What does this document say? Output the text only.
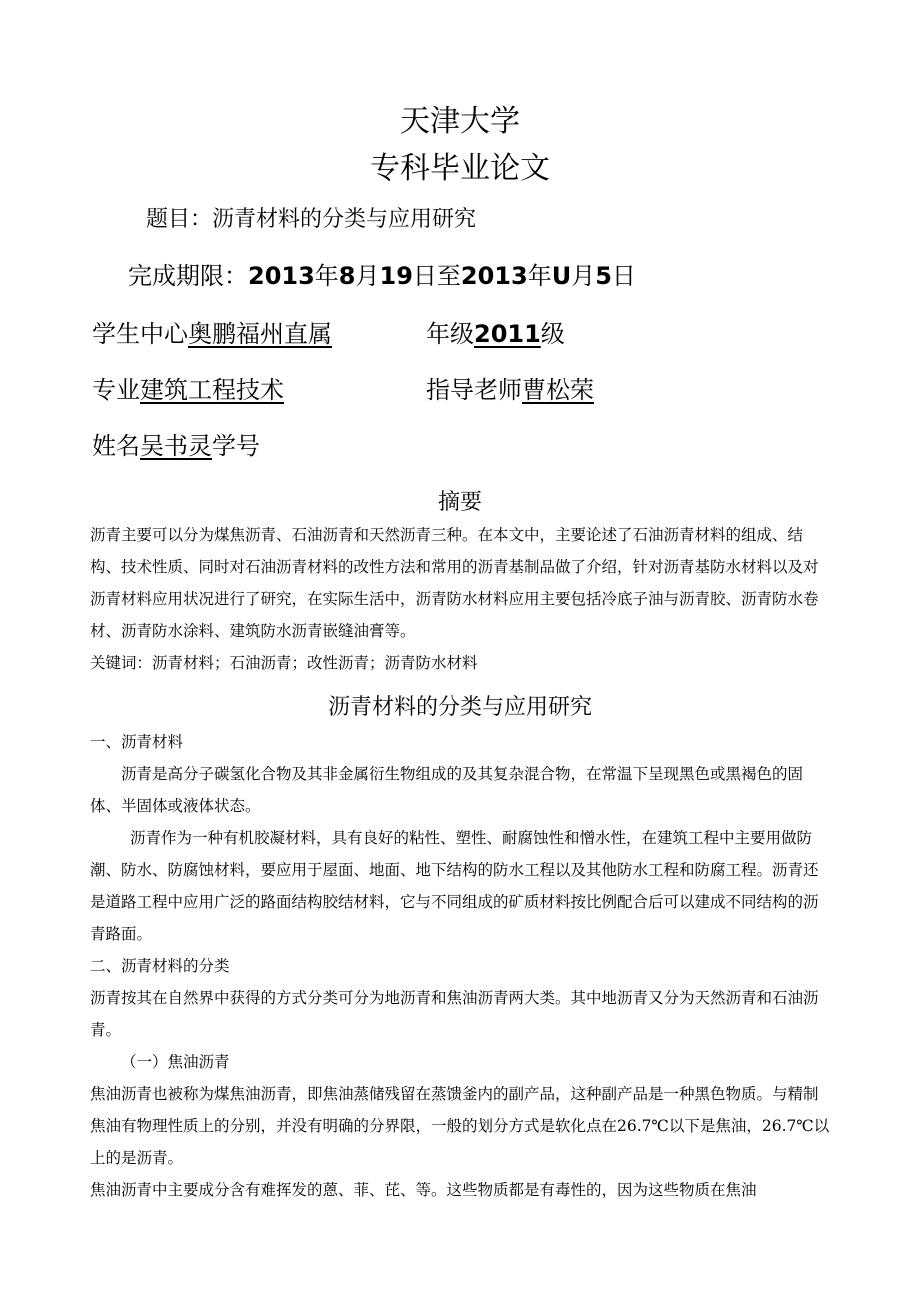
天津大学
专科毕业论文
题目：沥青材料的分类与应用研究
完成期限：2013年8月19日至2013年U月5日
学生中心奥鹏福州直属	年级2011级
专业建筑工程技术	指导老师曹松荣
姓名吴书灵学号
摘要

沥青主要可以分为煤焦沥青、石油沥青和天然沥青三种。在本文中，主要论述了石油沥青材料的组成、结构、技术性质、同时对石油沥青材料的改性方法和常用的沥青基制品做了介绍，针对沥青基防水材料以及对沥青材料应用状况进行了研究，在实际生活中，沥青防水材料应用主要包括冷底子油与沥青胶、沥青防水卷材、沥青防水涂料、建筑防水沥青嵌缝油膏等。

关键词：沥青材料；石油沥青；改性沥青；沥青防水材料

沥青材料的分类与应用研究

一、沥青材料

沥青是高分子碳氢化合物及其非金属衍生物组成的及其复杂混合物，在常温下呈现黑色或黑褐色的固体、半固体或液体状态。

沥青作为一种有机胶凝材料，具有良好的粘性、塑性、耐腐蚀性和憎水性，在建筑工程中主要用做防潮、防水、防腐蚀材料，要应用于屋面、地面、地下结构的防水工程以及其他防水工程和防腐工程。沥青还是道路工程中应用广泛的路面结构胶结材料，它与不同组成的矿质材料按比例配合后可以建成不同结构的沥青路面。

二、沥青材料的分类

沥青按其在自然界中获得的方式分类可分为地沥青和焦油沥青两大类。其中地沥青又分为天然沥青和石油沥青。

（一）焦油沥青

焦油沥青也被称为煤焦油沥青，即焦油蒸储残留在蒸馈釜内的副产品，这种副产品是一种黑色物质。与精制焦油有物理性质上的分别，并没有明确的分界限，一般的划分方式是软化点在26.7℃以下是焦油，26.7℃以上的是沥青。

焦油沥青中主要成分含有难挥发的蒽、菲、芘、等。这些物质都是有毒性的，因为这些物质在焦油
